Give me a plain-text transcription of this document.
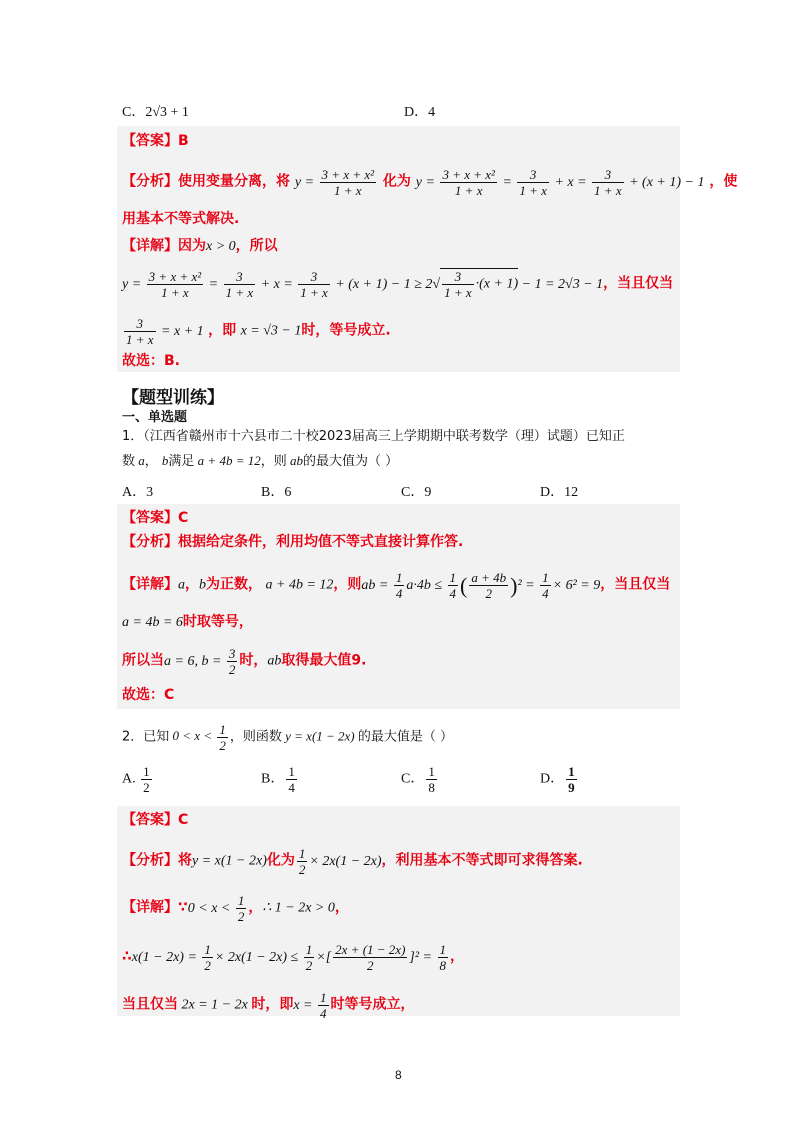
C．2√3 + 1	D．4
【答案】B
【分析】使用变量分离，将 $y = \frac{\text{3 + x + x²}}{1 + x}$ 化为 $y = \frac{\text{3 + x + x²}}{1 + x} = \frac{3}{1 + x} + x = \frac{3}{1 + x} + (x + 1) - 1$ ，使
用基本不等式解决.
【详解】因为x > 0，所以
$y = \frac{\text{3 + x + x²}}{1 + x} = \frac{3}{1 + x} + x = \frac{3}{1 + x} + (x + 1) - 1 \ge 2√ \frac{3}{1 + x} \cdot(x + 1) - 1 = 2√3 - 1$，当且仅当
$\frac{3}{1 + x} = x + 1$ ，即 x = √3 − 1时，等号成立.
故选：B.
【题型训练】
一、单选题
1．（江西省赣州市十六县市二十校2023届高三上学期期中联考数学（理）试题）已知正
数 a， b满足 a + 4b = 12，则 ab的最大值为（ ）
A．3	B．6	C．9	D．12
【答案】C
【分析】根据给定条件，利用均值不等式直接计算作答.
【详解】a，b为正数， a + 4b = 12，则ab = $\frac{1}{4} a\cdot 4b \le \frac{1}{4}$ ( $\frac{a + 4b}{2} )^2 = \frac{1}{4} \times 6^2 = 9$，当且仅当
a = 4b = 6时取等号，
所以当a = 6, $b = \frac{3}{2}$ 时，ab取得最大值9.
故选：C
2．已知 $0 < x < \frac{1}{2}$ ，则函数 y = x(1 − 2x) 的最大值是（ ）
A. $\frac{1}{2}$	B． $\frac{1}{4}$	C． $\frac{1}{8}$	D． $\frac{1}{9}$
【答案】C
【分析】将y = x(1 − 2x)化为 $\frac{1}{2} \times 2x(1 - 2x)$，利用基本不等式即可求得答案.
【详解】∵0 < $x < \frac{1}{2}$ ，∴ 1 − 2x > 0，
∴x(1 − $2x) = \frac{1}{2} \times 2x(1 - 2x) \le \frac{1}{2}$ ×[ $\frac{2x + (1 - 2x)}{2} ]^2 = \frac{1}{8}$ ，
当且仅当 2x = 1 − 2x 时，即$x = \frac{1}{4}$ 时等号成立，
8
